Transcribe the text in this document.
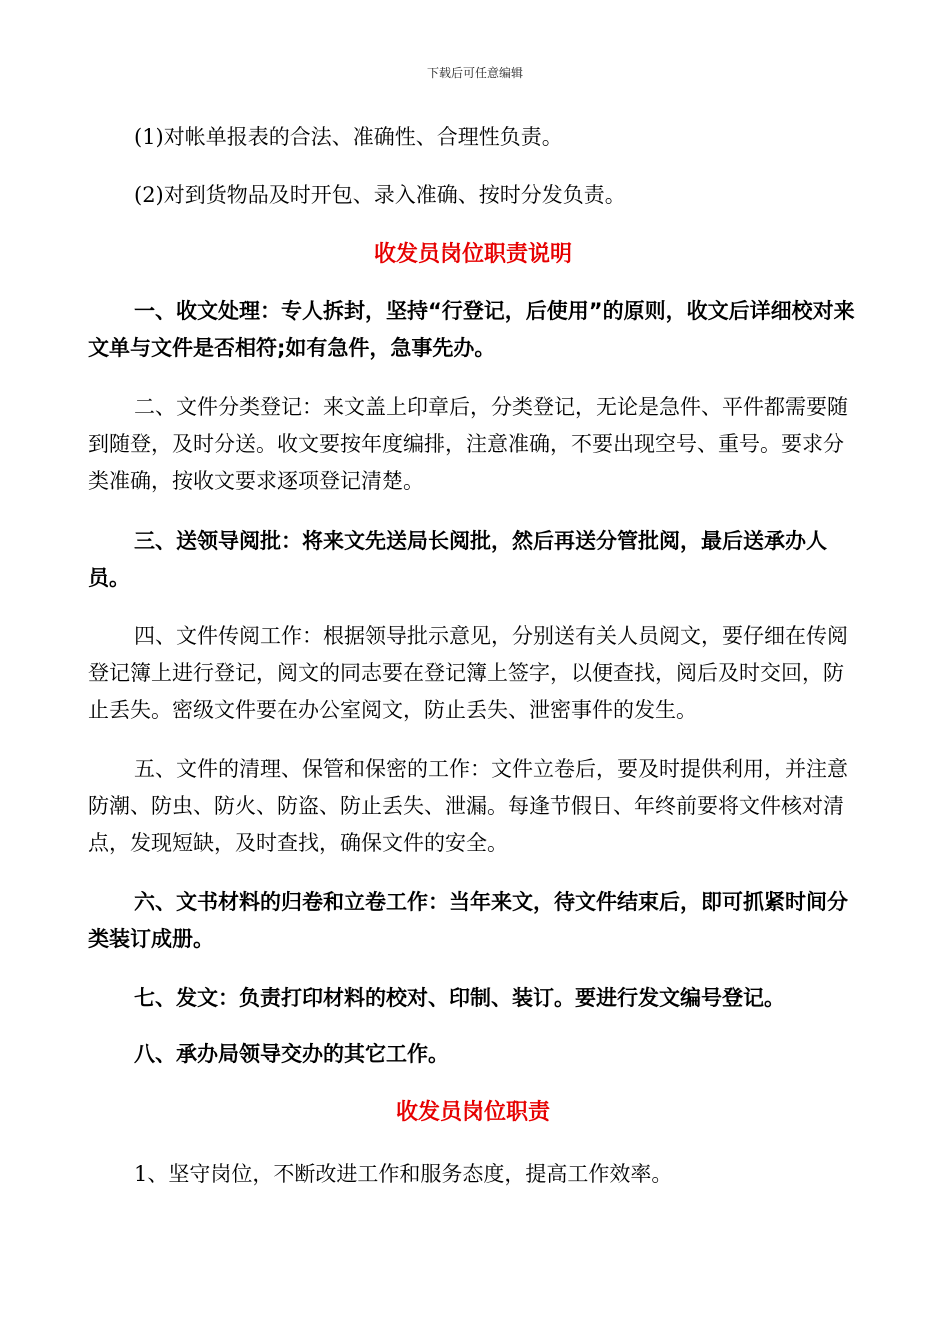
下载后可任意编辑

(1)对帐单报表的合法、准确性、合理性负责。

(2)对到货物品及时开包、录入准确、按时分发负责。

收发员岗位职责说明

一、收文处理：专人拆封，坚持“行登记，后使用”的原则，收文后详细校对来文单与文件是否相符;如有急件，急事先办。

二、文件分类登记：来文盖上印章后，分类登记，无论是急件、平件都需要随到随登，及时分送。收文要按年度编排，注意准确，不要出现空号、重号。要求分类准确，按收文要求逐项登记清楚。

三、送领导阅批：将来文先送局长阅批，然后再送分管批阅，最后送承办人员。

四、文件传阅工作：根据领导批示意见，分别送有关人员阅文，要仔细在传阅登记簿上进行登记，阅文的同志要在登记簿上签字，以便查找，阅后及时交回，防止丢失。密级文件要在办公室阅文，防止丢失、泄密事件的发生。

五、文件的清理、保管和保密的工作：文件立卷后，要及时提供利用，并注意防潮、防虫、防火、防盗、防止丢失、泄漏。每逢节假日、年终前要将文件核对清点，发现短缺，及时查找，确保文件的安全。

六、文书材料的归卷和立卷工作：当年来文，待文件结束后，即可抓紧时间分类装订成册。

七、发文：负责打印材料的校对、印制、装订。要进行发文编号登记。

八、承办局领导交办的其它工作。

收发员岗位职责

1、坚守岗位，不断改进工作和服务态度，提高工作效率。
